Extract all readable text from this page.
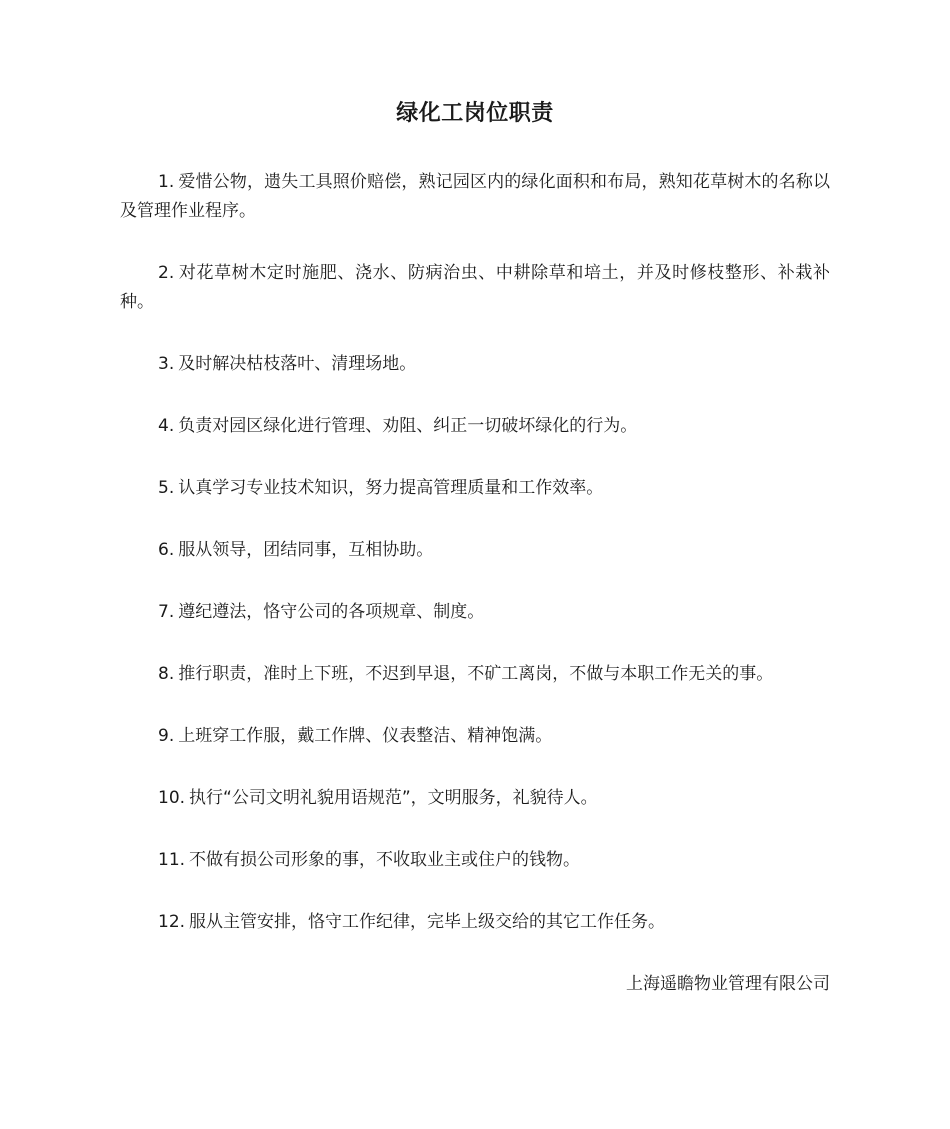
绿化工岗位职责
1. 爱惜公物，遗失工具照价赔偿，熟记园区内的绿化面积和布局，熟知花草树木的名称以及管理作业程序。
2. 对花草树木定时施肥、浇水、防病治虫、中耕除草和培土，并及时修枝整形、补栽补种。
3. 及时解决枯枝落叶、清理场地。
4. 负责对园区绿化进行管理、劝阻、纠正一切破坏绿化的行为。
5. 认真学习专业技术知识，努力提高管理质量和工作效率。
6. 服从领导，团结同事，互相协助。
7. 遵纪遵法，恪守公司的各项规章、制度。
8. 推行职责，准时上下班，不迟到早退，不矿工离岗，不做与本职工作无关的事。
9. 上班穿工作服，戴工作牌、仪表整洁、精神饱满。
10. 执行“公司文明礼貌用语规范”，文明服务，礼貌待人。
11. 不做有损公司形象的事，不收取业主或住户的钱物。
12. 服从主管安排，恪守工作纪律，完毕上级交给的其它工作任务。
上海遥瞻物业管理有限公司
